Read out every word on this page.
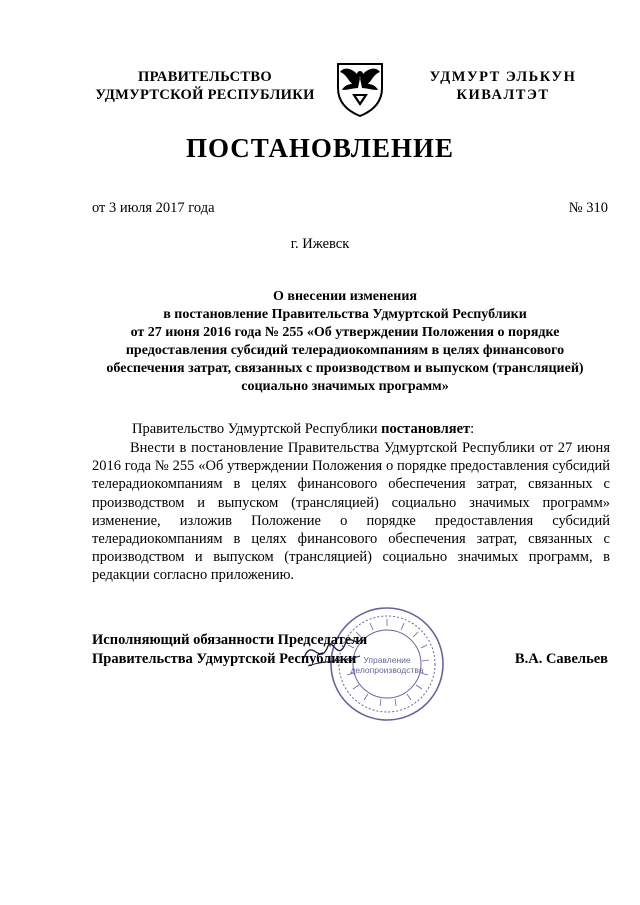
ПРАВИТЕЛЬСТВО
УДМУРТСКОЙ РЕСПУБЛИКИ
УДМУРТ ЭЛЬКУН
КИВАЛТЭТ
ПОСТАНОВЛЕНИЕ
от 3 июля 2017 года	№ 310
г. Ижевск
О внесении изменения
в постановление Правительства Удмуртской Республики
от 27 июня 2016 года № 255 «Об утверждении Положения о порядке
предоставления субсидий телерадиокомпаниям в целях финансового
обеспечения затрат, связанных с производством и выпуском (трансляцией)
социально значимых программ»
Правительство Удмуртской Республики постановляет:
Внести в постановление Правительства Удмуртской Республики от 27 июня 2016 года № 255 «Об утверждении Положения о порядке предоставления субсидий телерадиокомпаниям в целях финансового обеспечения затрат, связанных с производством и выпуском (трансляцией) социально значимых программ» изменение, изложив Положение о порядке предоставления субсидий телерадиокомпаниям в целях финансового обеспечения затрат, связанных с производством и выпуском (трансляцией) социально значимых программ, в редакции согласно приложению.
Управление
делопроизводства
Исполняющий обязанности Председателя
Правительства Удмуртской Республики	В.А. Савельев
